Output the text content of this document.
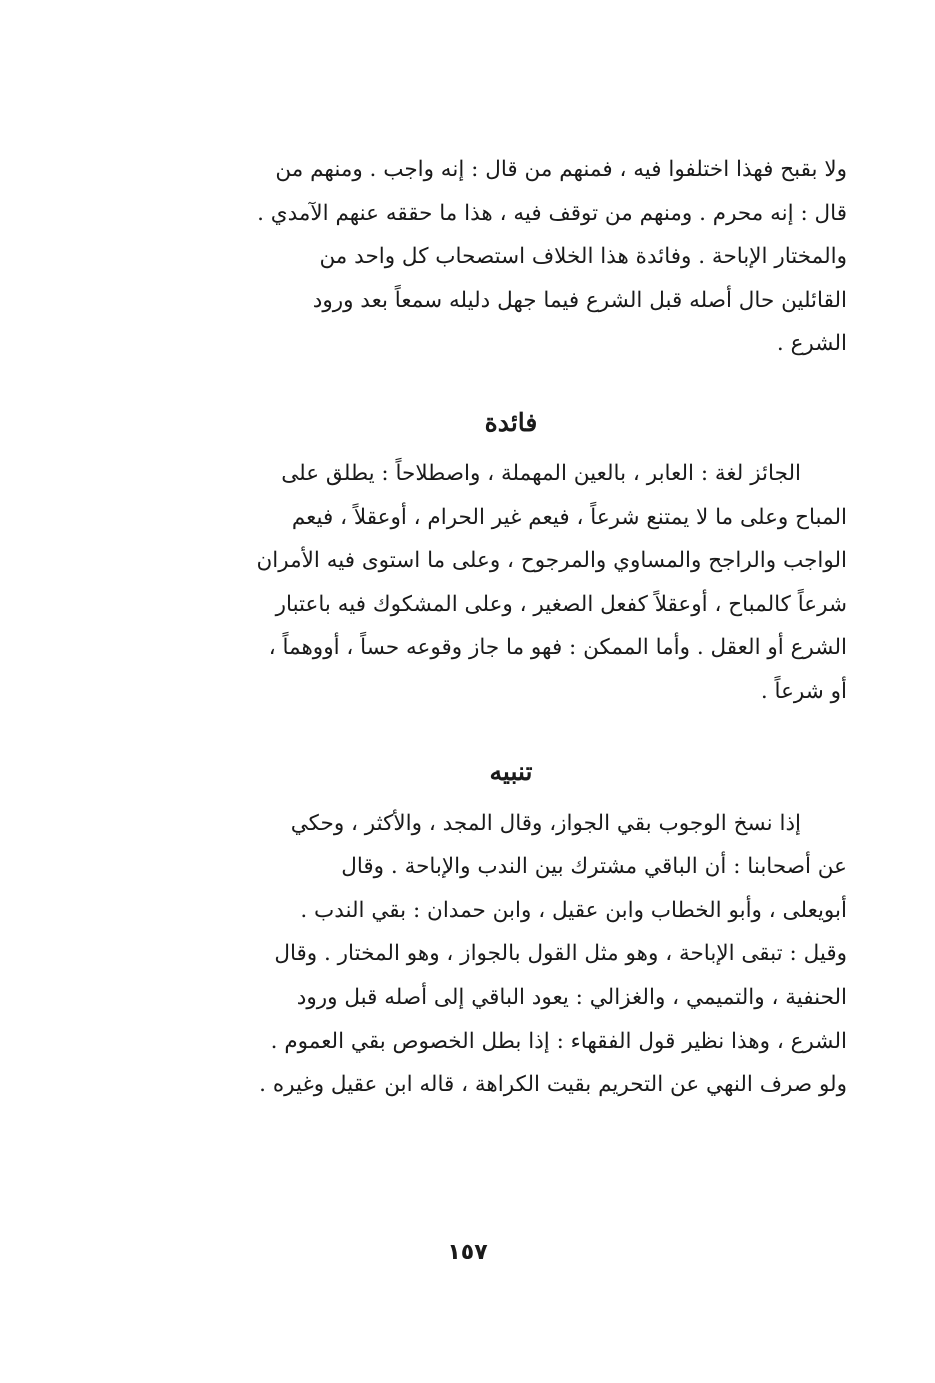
ولا بقبح فهذا اختلفوا فيه ، فمنهم من قال : إنه واجب . ومنهم من
قال : إنه محرم . ومنهم من توقف فيه ، هذا ما حققه عنهم الآمدي .
والمختار الإباحة . وفائدة هذا الخلاف استصحاب كل واحد من
القائلين حال أصله قبل الشرع فيما جهل دليله سمعاً بعد ورود
الشرع .

فائدة

الجائز لغة : العابر ، بالعين المهملة ، واصطلاحاً : يطلق على
المباح وعلى ما لا يمتنع شرعاً ، فيعم غير الحرام ، أوعقلاً ، فيعم
الواجب والراجح والمساوي والمرجوح ، وعلى ما استوى فيه الأمران
شرعاً كالمباح ، أوعقلاً كفعل الصغير ، وعلى المشكوك فيه باعتبار
الشرع أو العقل . وأما الممكن : فهو ما جاز وقوعه حساً ، أووهماً ،
أو شرعاً .

تنبيه

إذا نسخ الوجوب بقي الجواز، وقال المجد ، والأكثر ، وحكي
عن أصحابنا : أن الباقي مشترك بين الندب والإباحة . وقال
أبويعلى ، وأبو الخطاب وابن عقيل ، وابن حمدان : بقي الندب .
وقيل : تبقى الإباحة ، وهو مثل القول بالجواز ، وهو المختار . وقال
الحنفية ، والتميمي ، والغزالي : يعود الباقي إلى أصله قبل ورود
الشرع ، وهذا نظير قول الفقهاء : إذا بطل الخصوص بقي العموم .
ولو صرف النهي عن التحريم بقيت الكراهة ، قاله ابن عقيل وغيره .

١٥٧
